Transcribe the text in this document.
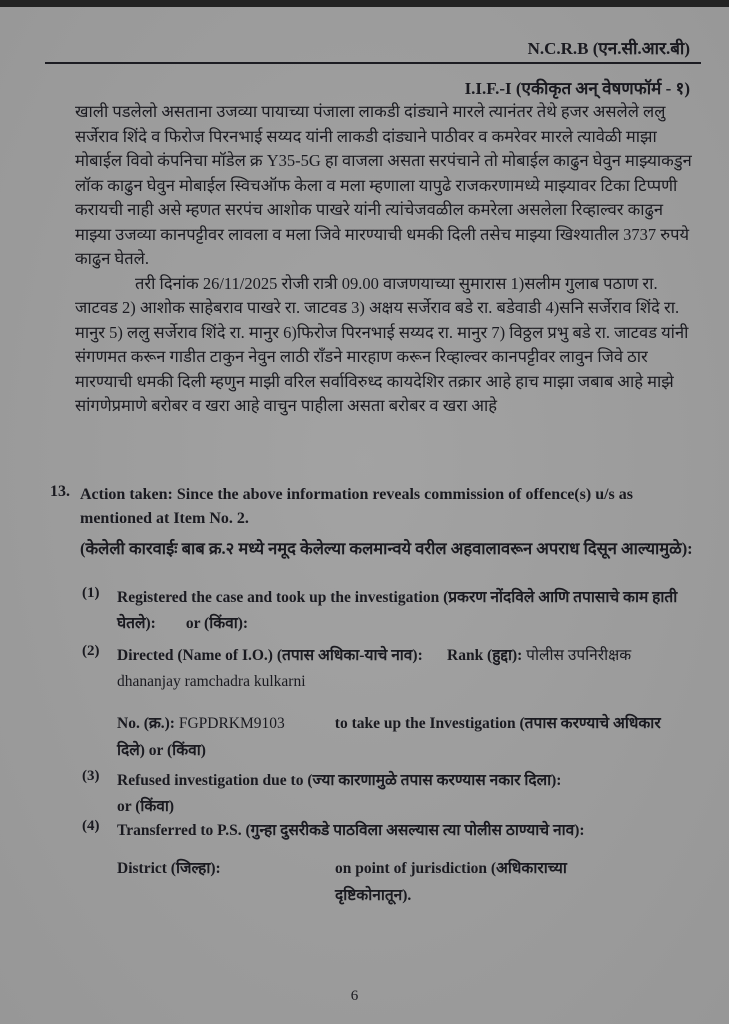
N.C.R.B (एन.सी.आर.बी)
I.I.F.-I (एकीकृत अन् वेषणफॉर्म - १)

खाली पडलेलो असताना उजव्या पायाच्या पंजाला लाकडी दांड्याने मारले त्यानंतर तेथे हजर असलेले ललु सर्जेराव शिंदे व फिरोज पिरनभाई सय्यद यांनी लाकडी दांड्याने पाठीवर व कमरेवर मारले त्यावेळी माझा मोबाईल विवो कंपनिचा मॉडेल क्र Y35-5G हा वाजला असता सरपंचाने तो मोबाईल काढुन घेवुन माझ्याकडुन लॉक काढुन घेवुन मोबाईल स्विचऑफ केला व मला म्हणाला यापुढे राजकरणामध्ये माझ्यावर टिका टिप्पणी करायची नाही असे म्हणत सरपंच आशोक पाखरे यांनी त्यांचेजवळील कमरेला असलेला रिव्हाल्वर काढुन माझ्या उजव्या कानपट्टीवर लावला व मला जिवे मारण्याची धमकी दिली तसेच माझ्या खिश्यातील 3737 रुपये काढुन घेतले.

तरी दिनांक 26/11/2025 रोजी रात्री 09.00 वाजणयाच्या सुमारास 1)सलीम गुलाब पठाण रा. जाटवड 2) आशोक साहेबराव पाखरे रा. जाटवड 3) अक्षय सर्जेराव बडे रा. बडेवाडी 4)सनि सर्जेराव शिंदे रा. मानुर 5) ललु सर्जेराव शिंदे रा. मानुर 6)फिरोज पिरनभाई सय्यद रा. मानुर 7) विठ्ठल प्रभु बडे रा. जाटवड यांनी संगणमत करून गाडीत टाकुन नेवुन लाठी राँडने मारहाण करून रिव्हाल्वर कानपट्टीवर लावुन जिवे ठार मारण्याची धमकी दिली म्हणुन माझी वरिल सर्वाविरुध्द कायदेशिर तक्रार आहे हाच माझा जबाब आहे माझे सांगणेप्रमाणे बरोबर व खरा आहे वाचुन पाहीला असता बरोबर व खरा आहे

13. Action taken: Since the above information reveals commission of offence(s) u/s as mentioned at Item No. 2.

(केलेली कारवाईः बाब क्र.२ मध्ये नमूद केलेल्या कलमान्वये वरील अहवालावरून अपराध दिसून आल्यामुळे):

(1)	Registered the case and took up the investigation (प्रकरण नोंदविले आणि तपासाचे काम हाती घेतले): or (किंवा):
(2)	Directed (Name of I.O.) (तपास अधिका-याचे नाव):
dhananjay ramchadra kulkarni
Rank (हुद्दा): पोलीस उपनिरीक्षक
No. (क्र.): FGPDRKM9103	to take up the Investigation (तपास करण्याचे अधिकार दिले) or (किंवा)
(3)	Refused investigation due to (ज्या कारणामुळे तपास करण्यास नकार दिला):
or (किंवा)
(4)	Transferred to P.S. (गुन्हा दुसरीकडे पाठविला असल्यास त्या पोलीस ठाण्याचे नाव):
District (जिल्हा):	on point of jurisdiction (अधिकाराच्या दृष्टिकोनातून).
6
